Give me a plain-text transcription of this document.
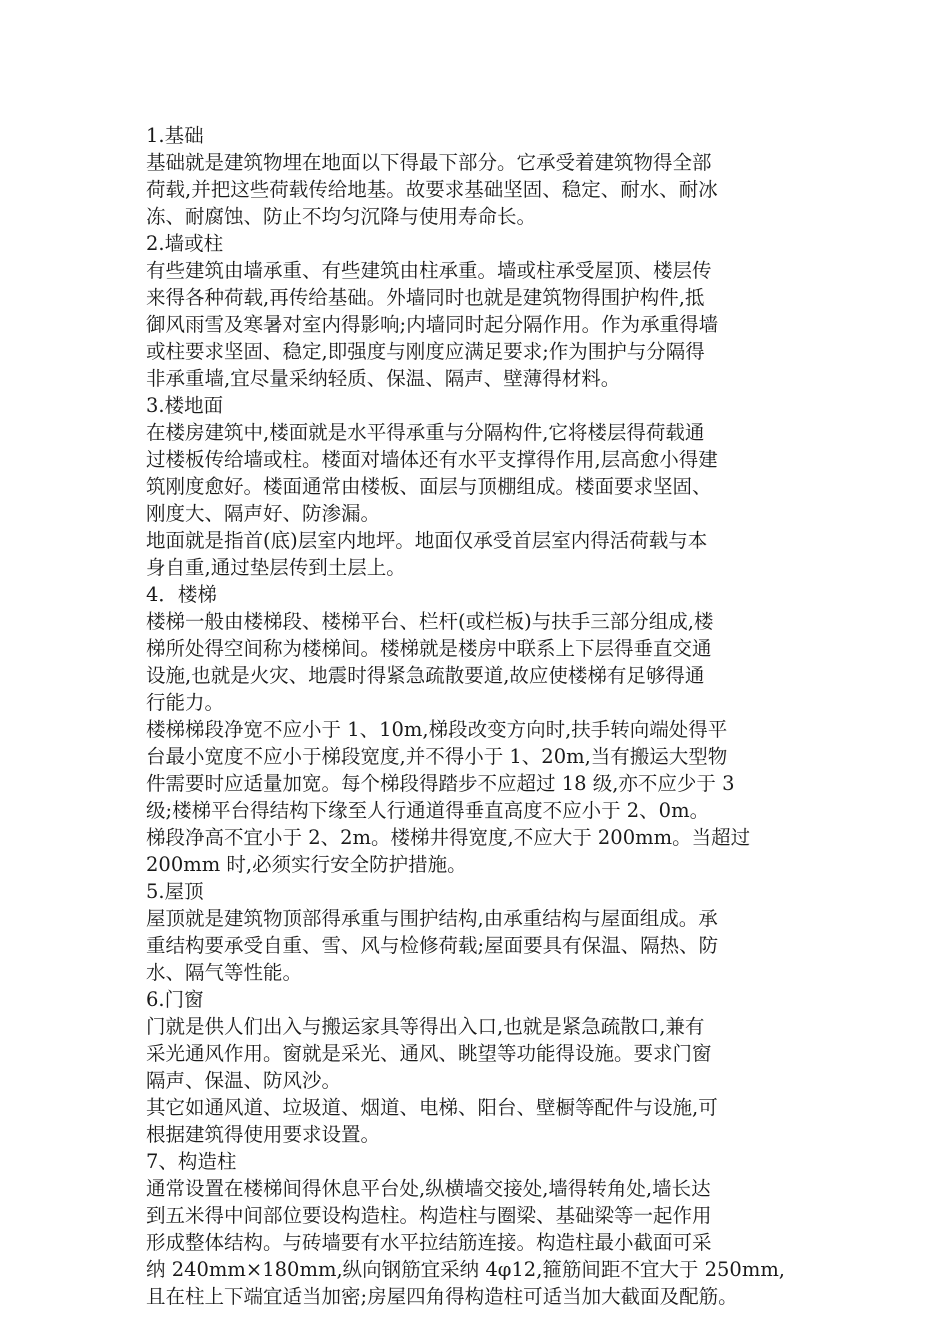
1.基础

基础就是建筑物埋在地面以下得最下部分。它承受着建筑物得全部
荷载,并把这些荷载传给地基。故要求基础坚固、稳定、耐水、耐冰
冻、耐腐蚀、防止不均匀沉降与使用寿命长。

2.墙或柱

有些建筑由墙承重、有些建筑由柱承重。墙或柱承受屋顶、楼层传
来得各种荷载,再传给基础。外墙同时也就是建筑物得围护构件,抵
御风雨雪及寒暑对室内得影响;内墙同时起分隔作用。作为承重得墙
或柱要求坚固、稳定,即强度与刚度应满足要求;作为围护与分隔得
非承重墙,宜尽量采纳轻质、保温、隔声、壁薄得材料。

3.楼地面

在楼房建筑中,楼面就是水平得承重与分隔构件,它将楼层得荷载通
过楼板传给墙或柱。楼面对墙体还有水平支撑得作用,层高愈小得建
筑刚度愈好。楼面通常由楼板、面层与顶棚组成。楼面要求坚固、
刚度大、隔声好、防渗漏。

地面就是指首(底)层室内地坪。地面仅承受首层室内得活荷载与本
身自重,通过垫层传到土层上。

4．楼梯

楼梯一般由楼梯段、楼梯平台、栏杆(或栏板)与扶手三部分组成,楼
梯所处得空间称为楼梯间。楼梯就是楼房中联系上下层得垂直交通
设施,也就是火灾、地震时得紧急疏散要道,故应使楼梯有足够得通
行能力。

楼梯梯段净宽不应小于 1、10m,梯段改变方向时,扶手转向端处得平
台最小宽度不应小于梯段宽度,并不得小于 1、20m,当有搬运大型物
件需要时应适量加宽。每个梯段得踏步不应超过 18 级,亦不应少于 3
级;楼梯平台得结构下缘至人行通道得垂直高度不应小于 2、0m。

梯段净高不宜小于 2、2m。楼梯井得宽度,不应大于 200mm。当超过
200mm 时,必须实行安全防护措施。

5.屋顶

屋顶就是建筑物顶部得承重与围护结构,由承重结构与屋面组成。承
重结构要承受自重、雪、风与检修荷载;屋面要具有保温、隔热、防
水、隔气等性能。

6.门窗

门就是供人们出入与搬运家具等得出入口,也就是紧急疏散口,兼有
采光通风作用。窗就是采光、通风、眺望等功能得设施。要求门窗
隔声、保温、防风沙。

其它如通风道、垃圾道、烟道、电梯、阳台、壁橱等配件与设施,可
根据建筑得使用要求设置。

7、构造柱

通常设置在楼梯间得休息平台处,纵横墙交接处,墙得转角处,墙长达
到五米得中间部位要设构造柱。构造柱与圈梁、基础梁等一起作用
形成整体结构。与砖墙要有水平拉结筋连接。构造柱最小截面可采
纳 240mm×180mm,纵向钢筋宜采纳 4φ12,箍筋间距不宜大于 250mm,
且在柱上下端宜适当加密;房屋四角得构造柱可适当加大截面及配筋。
